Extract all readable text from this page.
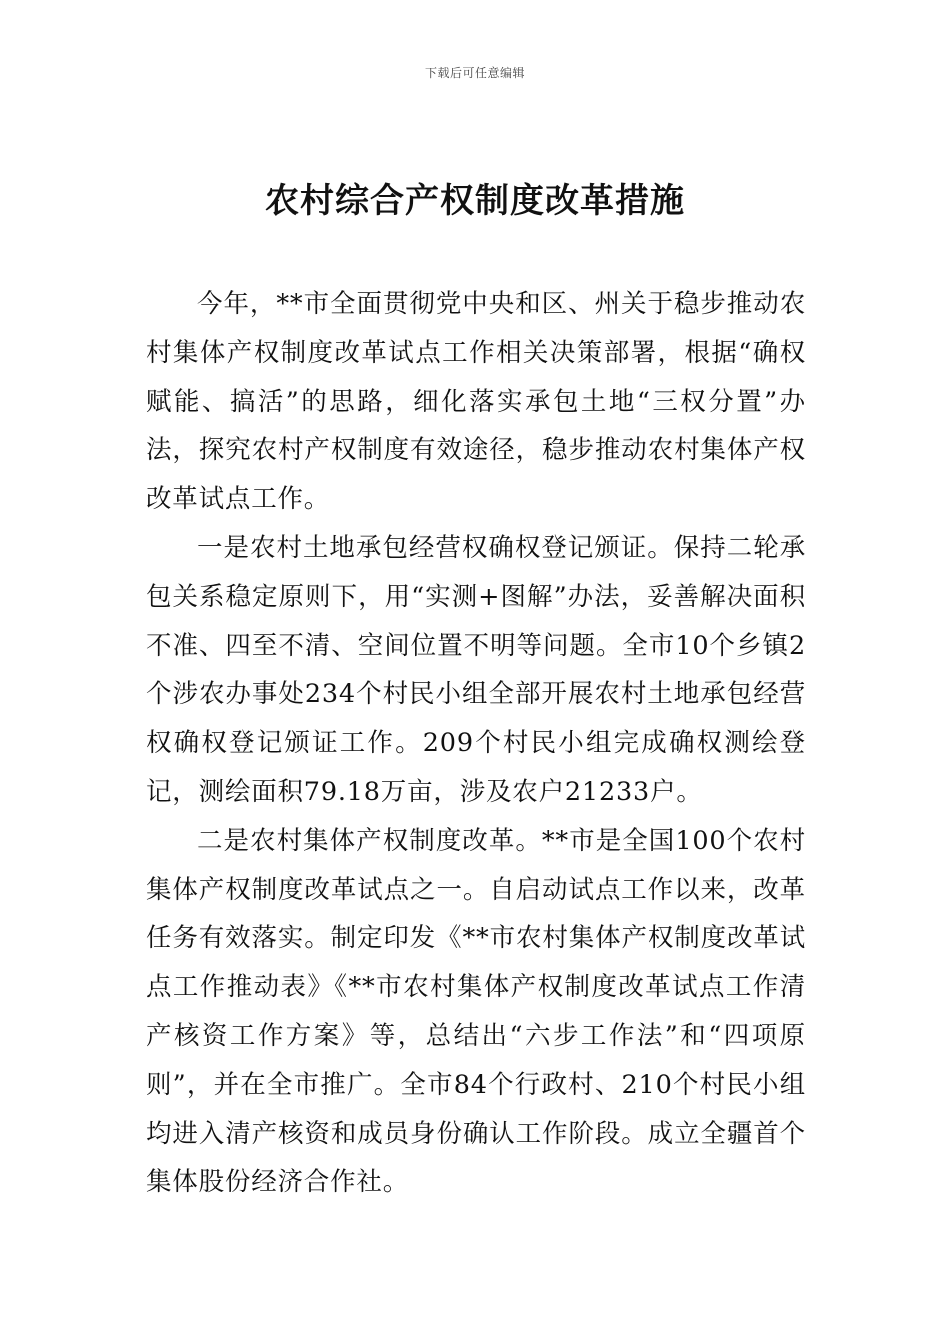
下载后可任意编辑
农村综合产权制度改革措施

今年，**市全面贯彻党中央和区、州关于稳步推动农村集体产权制度改革试点工作相关决策部署，根据“确权赋能、搞活”的思路，细化落实承包土地“三权分置”办法，探究农村产权制度有效途径，稳步推动农村集体产权改革试点工作。

一是农村土地承包经营权确权登记颁证。保持二轮承包关系稳定原则下，用“实测+图解”办法，妥善解决面积不准、四至不清、空间位置不明等问题。全市10个乡镇2个涉农办事处234个村民小组全部开展农村土地承包经营权确权登记颁证工作。209个村民小组完成确权测绘登记，测绘面积79.18万亩，涉及农户21233户。

二是农村集体产权制度改革。**市是全国100个农村集体产权制度改革试点之一。自启动试点工作以来，改革任务有效落实。制定印发《**市农村集体产权制度改革试点工作推动表》《**市农村集体产权制度改革试点工作清产核资工作方案》等，总结出“六步工作法”和“四项原则”，并在全市推广。全市84个行政村、210个村民小组均进入清产核资和成员身份确认工作阶段。成立全疆首个集体股份经济合作社。
